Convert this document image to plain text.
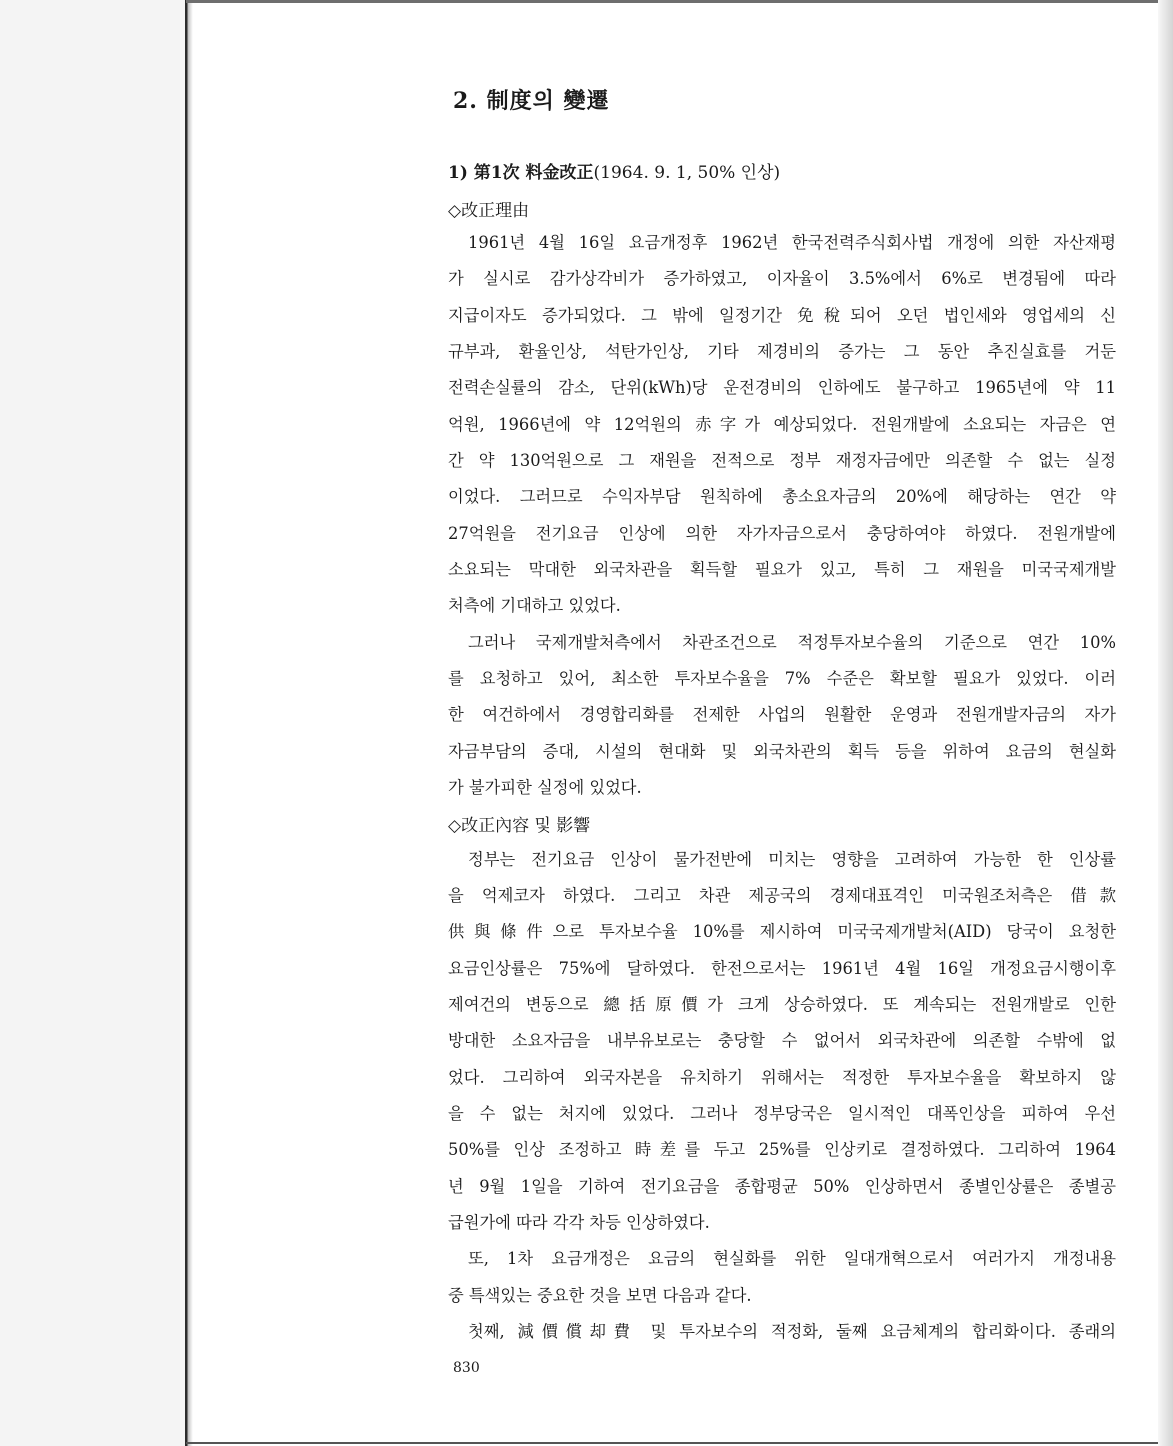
2. 制度의 變遷
1) 第1次 料金改正(1964. 9. 1, 50% 인상)
◇改正理由
1961년 4월 16일 요금개정후 1962년 한국전력주식회사법 개정에 의한 자산재평
가 실시로 감가상각비가 증가하였고, 이자율이 3.5%에서 6%로 변경됨에 따라
지급이자도 증가되었다. 그 밖에 일정기간 免稅되어 오던 법인세와 영업세의 신
규부과, 환율인상, 석탄가인상, 기타 제경비의 증가는 그 동안 추진실효를 거둔
전력손실률의 감소, 단위(kWh)당 운전경비의 인하에도 불구하고 1965년에 약 11
억원, 1966년에 약 12억원의 赤字가 예상되었다. 전원개발에 소요되는 자금은 연
간 약 130억원으로 그 재원을 전적으로 정부 재정자금에만 의존할 수 없는 실정
이었다. 그러므로 수익자부담 원칙하에 총소요자금의 20%에 해당하는 연간 약
27억원을 전기요금 인상에 의한 자가자금으로서 충당하여야 하였다. 전원개발에
소요되는 막대한 외국차관을 획득할 필요가 있고, 특히 그 재원을 미국국제개발
처측에 기대하고 있었다.
그러나 국제개발처측에서 차관조건으로 적정투자보수율의 기준으로 연간 10%
를 요청하고 있어, 최소한 투자보수율을 7% 수준은 확보할 필요가 있었다. 이러
한 여건하에서 경영합리화를 전제한 사업의 원활한 운영과 전원개발자금의 자가
자금부담의 증대, 시설의 현대화 및 외국차관의 획득 등을 위하여 요금의 현실화
가 불가피한 실정에 있었다.
◇改正內容 및 影響
정부는 전기요금 인상이 물가전반에 미치는 영향을 고려하여 가능한 한 인상률
을 억제코자 하였다. 그리고 차관 제공국의 경제대표격인 미국원조처측은 借款
供與條件으로 투자보수율 10%를 제시하여 미국국제개발처(AID) 당국이 요청한
요금인상률은 75%에 달하였다. 한전으로서는 1961년 4월 16일 개정요금시행이후
제여건의 변동으로 總括原價가 크게 상승하였다. 또 계속되는 전원개발로 인한
방대한 소요자금을 내부유보로는 충당할 수 없어서 외국차관에 의존할 수밖에 없
었다. 그리하여 외국자본을 유치하기 위해서는 적정한 투자보수율을 확보하지 않
을 수 없는 처지에 있었다. 그러나 정부당국은 일시적인 대폭인상을 피하여 우선
50%를 인상 조정하고 時差를 두고 25%를 인상키로 결정하였다. 그리하여 1964
년 9월 1일을 기하여 전기요금을 종합평균 50% 인상하면서 종별인상률은 종별공
급원가에 따라 각각 차등 인상하였다.
또, 1차 요금개정은 요금의 현실화를 위한 일대개혁으로서 여러가지 개정내용
중 특색있는 중요한 것을 보면 다음과 같다.
첫째, 減價償却費 및 투자보수의 적정화, 둘째 요금체계의 합리화이다. 종래의
830
